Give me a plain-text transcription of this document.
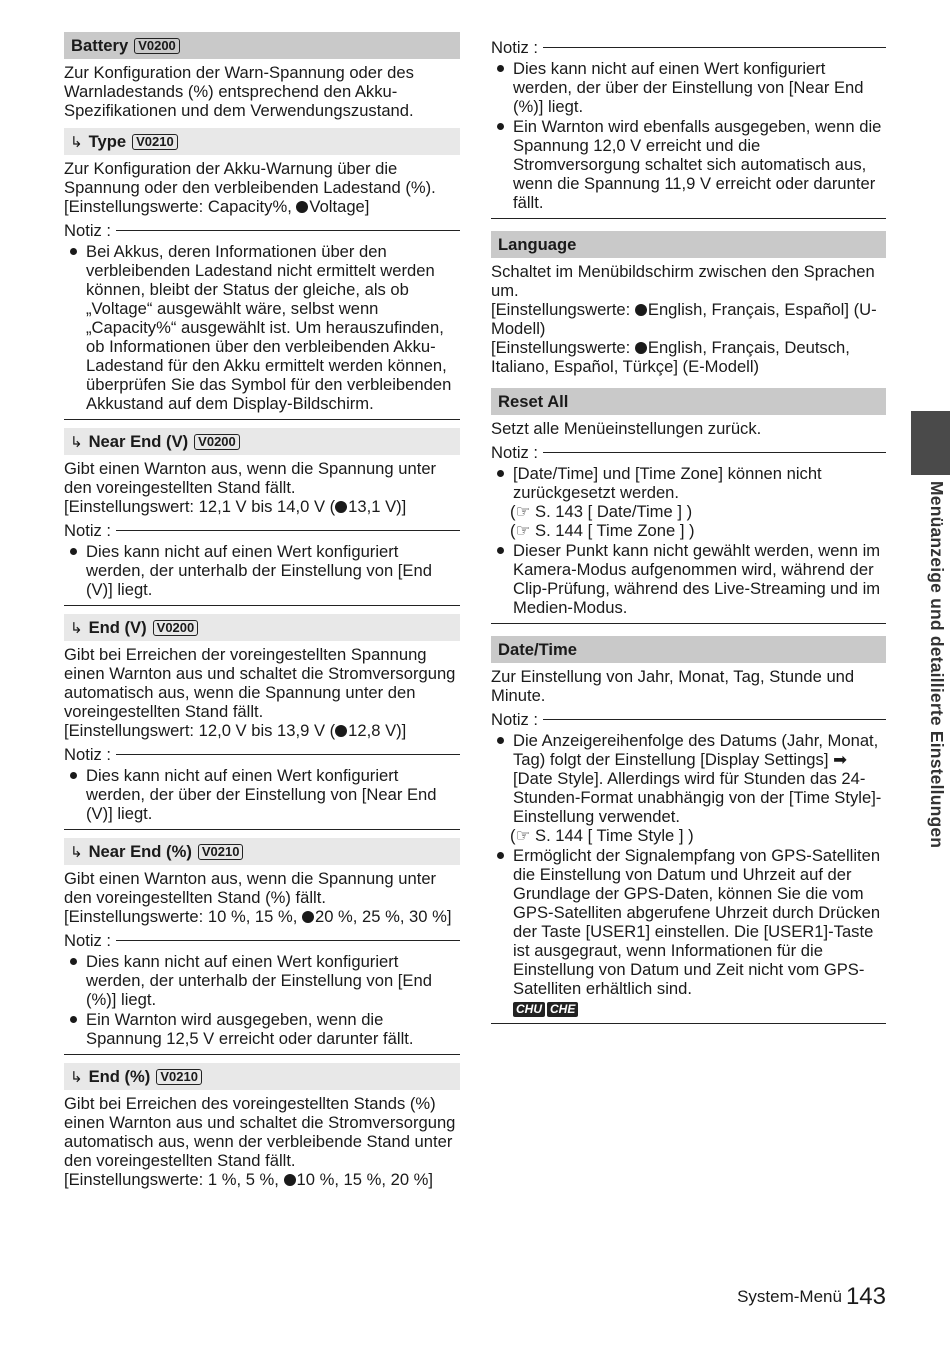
Battery V0200

Zur Konfiguration der Warn-Spannung oder des Warnladestands (%) entsprechend den Akku-Spezifikationen und dem Verwendungszustand.

↳ Type V0210

Zur Konfiguration der Akku-Warnung über die Spannung oder den verbleibenden Ladestand (%).
[Einstellungswerte: Capacity%, Voltage]

Notiz :
Bei Akkus, deren Informationen über den verbleibenden Ladestand nicht ermittelt werden können, bleibt der Status der gleiche, als ob „Voltage“ ausgewählt wäre, selbst wenn „Capacity%“ ausgewählt ist. Um herauszufinden, ob Informationen über den verbleibenden Akku-Ladestand für den Akku ermittelt werden können, überprüfen Sie das Symbol für den verbleibenden Akkustand auf dem Display-Bildschirm.
↳ Near End (V) V0200

Gibt einen Warnton aus, wenn die Spannung unter den voreingestellten Stand fällt.
[Einstellungswert: 12,1 V bis 14,0 V ( 13,1 V)]

Notiz :
Dies kann nicht auf einen Wert konfiguriert werden, der unterhalb der Einstellung von [End (V)] liegt.
↳ End (V) V0200

Gibt bei Erreichen der voreingestellten Spannung einen Warnton aus und schaltet die Stromversorgung automatisch aus, wenn die Spannung unter den voreingestellten Stand fällt.
[Einstellungswert: 12,0 V bis 13,9 V ( 12,8 V)]

Notiz :
Dies kann nicht auf einen Wert konfiguriert werden, der über der Einstellung von [Near End (V)] liegt.
↳ Near End (%) V0210

Gibt einen Warnton aus, wenn die Spannung unter den voreingestellten Stand (%) fällt.
[Einstellungswerte: 10 %, 15 %, 20 %, 25 %, 30 %]

Notiz :
Dies kann nicht auf einen Wert konfiguriert werden, der unterhalb der Einstellung von [End (%)] liegt.
Ein Warnton wird ausgegeben, wenn die Spannung 12,5 V erreicht oder darunter fällt.
↳ End (%) V0210

Gibt bei Erreichen des voreingestellten Stands (%) einen Warnton aus und schaltet die Stromversorgung automatisch aus, wenn der verbleibende Stand unter den voreingestellten Stand fällt.
[Einstellungswerte: 1 %, 5 %, 10 %, 15 %, 20 %]

Notiz :
Dies kann nicht auf einen Wert konfiguriert werden, der über der Einstellung von [Near End (%)] liegt.
Ein Warnton wird ebenfalls ausgegeben, wenn die Spannung 12,0 V erreicht und die Stromversorgung schaltet sich automatisch aus, wenn die Spannung 11,9 V erreicht oder darunter fällt.
Language

Schaltet im Menübildschirm zwischen den Sprachen um.
[Einstellungswerte: English, Français, Español] (U-Modell)
[Einstellungswerte: English, Français, Deutsch, Italiano, Español, Türkçe] (E-Modell)

Reset All

Setzt alle Menüeinstellungen zurück.

Notiz :
[Date/Time] und [Time Zone] können nicht zurückgesetzt werden.
(☞ S. 143 [ Date/Time ] )
(☞ S. 144 [ Time Zone ] )
Dieser Punkt kann nicht gewählt werden, wenn im Kamera-Modus aufgenommen wird, während der Clip-Prüfung, während des Live-Streaming und im Medien-Modus.
Date/Time

Zur Einstellung von Jahr, Monat, Tag, Stunde und Minute.

Notiz :
Die Anzeigereihenfolge des Datums (Jahr, Monat, Tag) folgt der Einstellung [Display Settings] ➡ [Date Style]. Allerdings wird für Stunden das 24-Stunden-Format unabhängig von der [Time Style]-Einstellung verwendet.
(☞ S. 144 [ Time Style ] )
Ermöglicht der Signalempfang von GPS-Satelliten die Einstellung von Datum und Uhrzeit auf der Grundlage der GPS-Daten, können Sie die vom GPS-Satelliten abgerufene Uhrzeit durch Drücken der Taste [USER1] einstellen. Die [USER1]-Taste ist ausgegraut, wenn Informationen für die Einstellung von Datum und Zeit nicht vom GPS-Satelliten erhältlich sind.
CHU CHE
Menüanzeige und detaillierte Einstellungen
System-Menü 143
